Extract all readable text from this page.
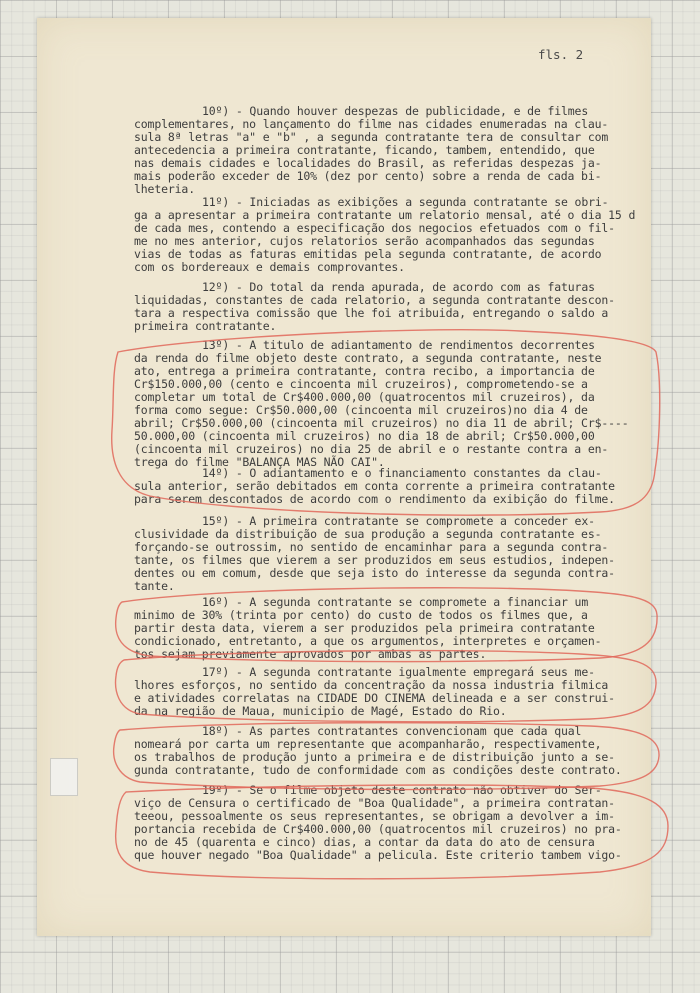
fls. 2
10º) - Quando houver despezas de publicidade, e de filmes
complementares, no lançamento do filme nas cidades enumeradas na clau-
sula 8ª letras "a" e "b" , a segunda contratante tera de consultar com
antecedencia a primeira contratante, ficando, tambem, entendido, que
nas demais cidades e localidades do Brasil, as referidas despezas ja-
mais poderão exceder de 10% (dez por cento) sobre a renda de cada bi-
lheteria.
11º) - Iniciadas as exibições a segunda contratante se obri-
ga a apresentar a primeira contratante um relatorio mensal, até o dia 15 d
de cada mes, contendo a especificação dos negocios efetuados com o fil-
me no mes anterior, cujos relatorios serão acompanhados das segundas
vias de todas as faturas emitidas pela segunda contratante, de acordo
com os bordereaux e demais comprovantes.
12º) - Do total da renda apurada, de acordo com as faturas
liquidadas, constantes de cada relatorio, a segunda contratante descon-
tara a respectiva comissão que lhe foi atribuida, entregando o saldo a
primeira contratante.
13º) - A titulo de adiantamento de rendimentos decorrentes
da renda do filme objeto deste contrato, a segunda contratante, neste
ato, entrega a primeira contratante, contra recibo, a importancia de
Cr$150.000,00 (cento e cincoenta mil cruzeiros), comprometendo-se a
completar um total de Cr$400.000,00 (quatrocentos mil cruzeiros), da
forma como segue: Cr$50.000,00 (cincoenta mil cruzeiros)no dia 4 de
abril; Cr$50.000,00 (cincoenta mil cruzeiros) no dia 11 de abril; Cr$----
50.000,00 (cincoenta mil cruzeiros) no dia 18 de abril; Cr$50.000,00
(cincoenta mil cruzeiros) no dia 25 de abril e o restante contra a en-
trega do filme "BALANÇA MAS NÃO CAI".
14º) - O adiantamento e o financiamento constantes da clau-
sula anterior, serão debitados em conta corrente a primeira contratante
para serem descontados de acordo com o rendimento da exibição do filme.
15º) - A primeira contratante se compromete a conceder ex-
clusividade da distribuição de sua produção a segunda contratante es-
forçando-se outrossim, no sentido de encaminhar para a segunda contra-
tante, os filmes que vierem a ser produzidos em seus estudios, indepen-
dentes ou em comum, desde que seja isto do interesse da segunda contra-
tante.
16º) - A segunda contratante se compromete a financiar um
minimo de 30% (trinta por cento) do custo de todos os filmes que, a
partir desta data, vierem a ser produzidos pela primeira contratante
condicionado, entretanto, a que os argumentos, interpretes e orçamen-
tos sejam previamente aprovados por ambas as partes.
17º) - A segunda contratante igualmente empregará seus me-
lhores esforços, no sentido da concentração da nossa industria filmica
e atividades correlatas na CIDADE DO CINEMA delineada e a ser construi-
da na região de Maua, municipio de Magé, Estado do Rio.
18º) - As partes contratantes convencionam que cada qual
nomeará por carta um representante que acompanharão, respectivamente,
os trabalhos de produção junto a primeira e de distribuição junto a se-
gunda contratante, tudo de conformidade com as condições deste contrato.
19º) - Se o filme objeto deste contrato não obtiver do Ser-
viço de Censura o certificado de "Boa Qualidade", a primeira contratan-
teeou, pessoalmente os seus representantes, se obrigam a devolver a im-
portancia recebida de Cr$400.000,00 (quatrocentos mil cruzeiros) no pra-
no de 45 (quarenta e cinco) dias, a contar da data do ato de censura
que houver negado "Boa Qualidade" a pelicula. Este criterio tambem vigo-
